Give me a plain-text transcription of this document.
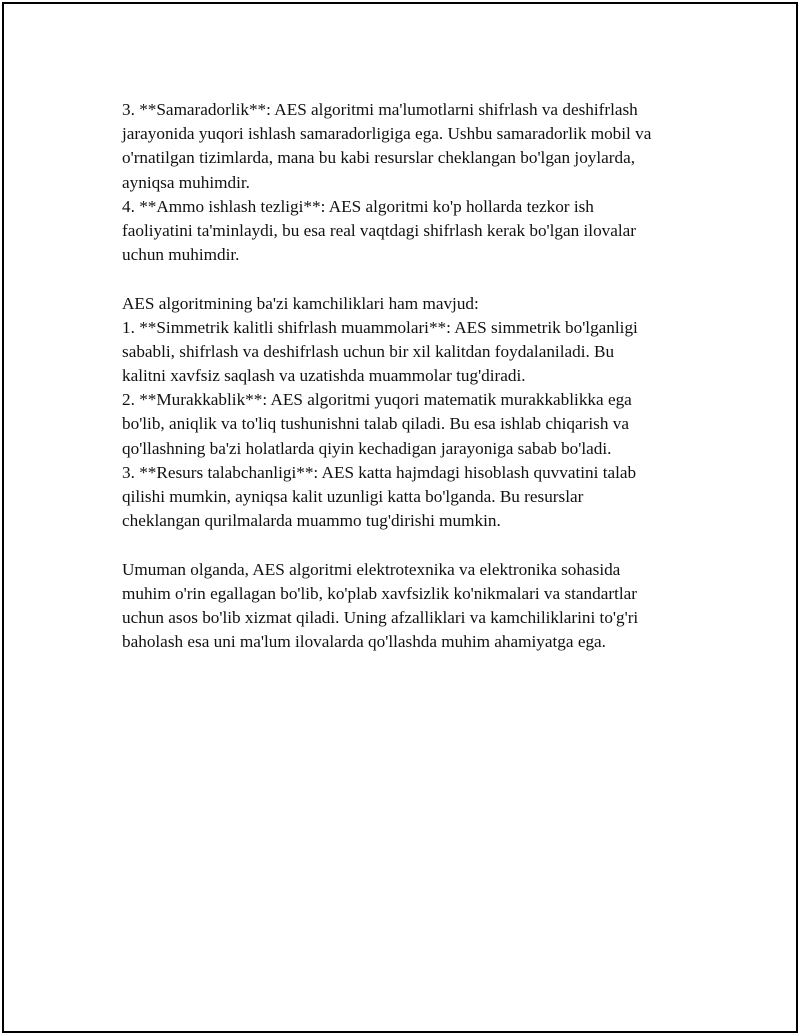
3. **Samaradorlik**: AES algoritmi ma'lumotlarni shifrlash va deshifrlash
jarayonida yuqori ishlash samaradorligiga ega. Ushbu samaradorlik mobil va
o'rnatilgan tizimlarda, mana bu kabi resurslar cheklangan bo'lgan joylarda,
ayniqsa muhimdir.
4. **Ammo ishlash tezligi**: AES algoritmi ko'p hollarda tezkor ish
faoliyatini ta'minlaydi, bu esa real vaqtdagi shifrlash kerak bo'lgan ilovalar
uchun muhimdir.
AES algoritmining ba'zi kamchiliklari ham mavjud:
1. **Simmetrik kalitli shifrlash muammolari**: AES simmetrik bo'lganligi
sababli, shifrlash va deshifrlash uchun bir xil kalitdan foydalaniladi. Bu
kalitni xavfsiz saqlash va uzatishda muammolar tug'diradi.
2. **Murakkablik**: AES algoritmi yuqori matematik murakkablikka ega
bo'lib, aniqlik va to'liq tushunishni talab qiladi. Bu esa ishlab chiqarish va
qo'llashning ba'zi holatlarda qiyin kechadigan jarayoniga sabab bo'ladi.
3. **Resurs talabchanligi**: AES katta hajmdagi hisoblash quvvatini talab
qilishi mumkin, ayniqsa kalit uzunligi katta bo'lganda. Bu resurslar
cheklangan qurilmalarda muammo tug'dirishi mumkin.
Umuman olganda, AES algoritmi elektrotexnika va elektronika sohasida
muhim o'rin egallagan bo'lib, ko'plab xavfsizlik ko'nikmalari va standartlar
uchun asos bo'lib xizmat qiladi. Uning afzalliklari va kamchiliklarini to'g'ri
baholash esa uni ma'lum ilovalarda qo'llashda muhim ahamiyatga ega.
